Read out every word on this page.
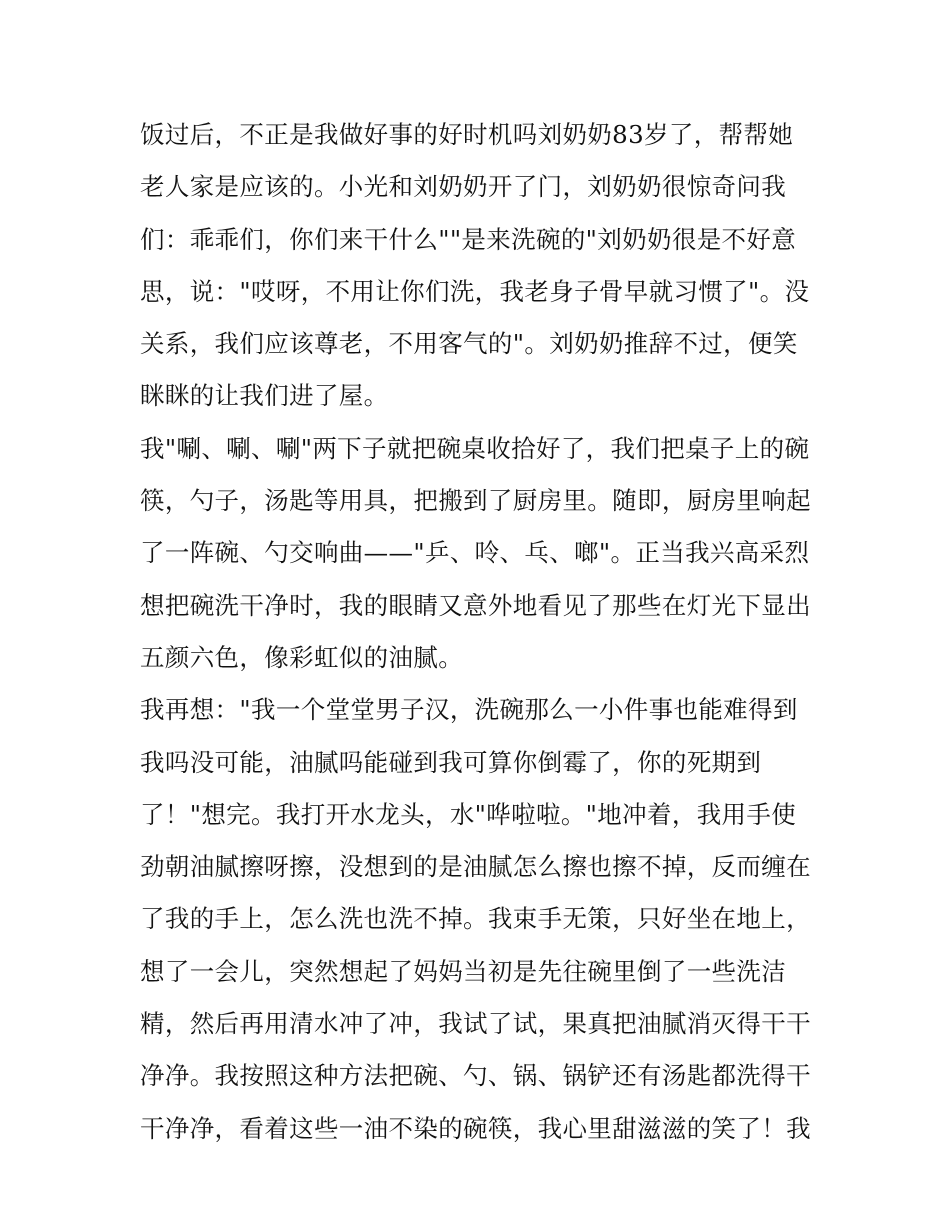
饭过后，不正是我做好事的好时机吗刘奶奶83岁了，帮帮她
老人家是应该的。小光和刘奶奶开了门，刘奶奶很惊奇问我
们：乖乖们，你们来干什么""是来洗碗的"刘奶奶很是不好意
思，说："哎呀，不用让你们洗，我老身子骨早就习惯了"。没
关系，我们应该尊老，不用客气的"。刘奶奶推辞不过，便笑
眯眯的让我们进了屋。
我"唰、唰、唰"两下子就把碗桌收拾好了，我们把桌子上的碗
筷，勺子，汤匙等用具，把搬到了厨房里。随即，厨房里响起
了一阵碗、勺交响曲——"乒、呤、乓、啷"。正当我兴高采烈
想把碗洗干净时，我的眼睛又意外地看见了那些在灯光下显出
五颜六色，像彩虹似的油腻。
我再想："我一个堂堂男子汉，洗碗那么一小件事也能难得到
我吗没可能，油腻吗能碰到我可算你倒霉了，你的死期到
了！"想完。我打开水龙头，水"哗啦啦。"地冲着，我用手使
劲朝油腻擦呀擦，没想到的是油腻怎么擦也擦不掉，反而缠在
了我的手上，怎么洗也洗不掉。我束手无策，只好坐在地上，
想了一会儿，突然想起了妈妈当初是先往碗里倒了一些洗洁
精，然后再用清水冲了冲，我试了试，果真把油腻消灭得干干
净净。我按照这种方法把碗、勺、锅、锅铲还有汤匙都洗得干
干净净，看着这些一油不染的碗筷，我心里甜滋滋的笑了！我
